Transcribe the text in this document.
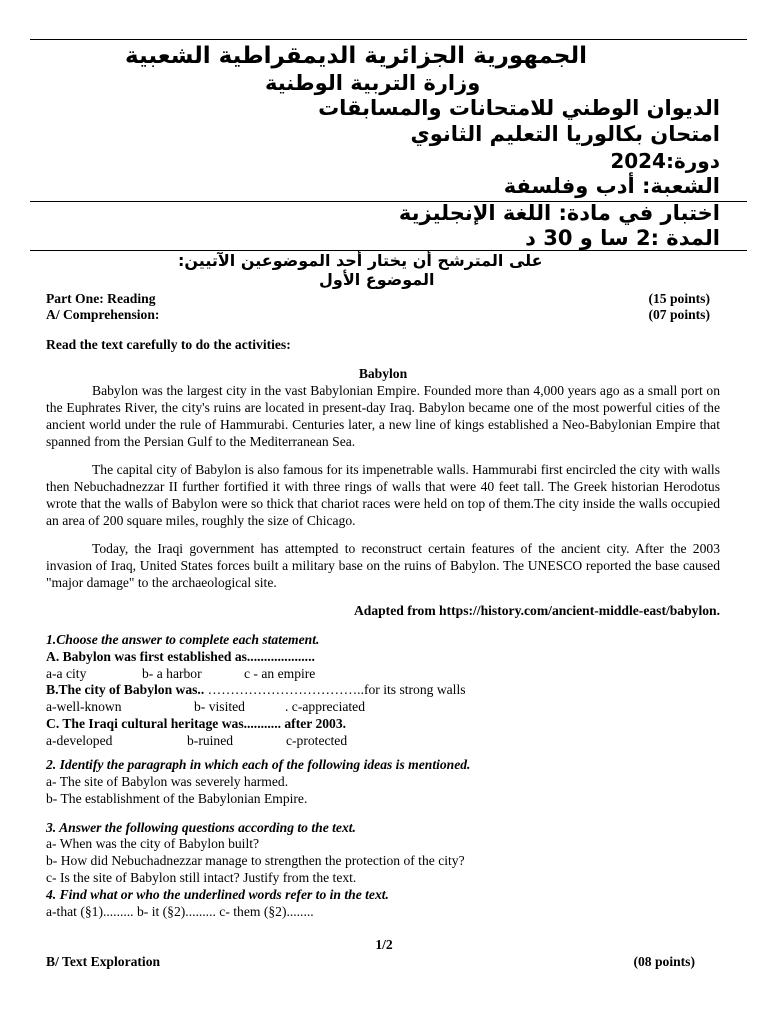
الجمهورية الجزائرية الديمقراطية الشعبية
وزارة التربية الوطنية
الديوان الوطني للامتحانات والمسابقات
امتحان بكالوريا التعليم الثانوي
دورة:2024
الشعبة: أدب وفلسفة
اختبار في مادة: اللغة الإنجليزية
المدة :2 سا و 30 د
على المترشح أن يختار أحد الموضوعين الآتيين:
الموضوع الأول
Part One: Reading	(15 points)
A/ Comprehension:	(07 points)
Read the text carefully to do the activities:
Babylon

Babylon was the largest city in the vast Babylonian Empire. Founded more than 4,000 years ago as a small port on the Euphrates River, the city's ruins are located in present-day Iraq. Babylon became one of the most powerful cities of the ancient world under the rule of Hammurabi. Centuries later, a new line of kings established a Neo-Babylonian Empire that spanned from the Persian Gulf to the Mediterranean Sea.

The capital city of Babylon is also famous for its impenetrable walls. Hammurabi first encircled the city with walls then Nebuchadnezzar II further fortified it with three rings of walls that were 40 feet tall. The Greek historian Herodotus wrote that the walls of Babylon were so thick that chariot races were held on top of them.The city inside the walls occupied an area of 200 square miles, roughly the size of Chicago.

Today, the Iraqi government has attempted to reconstruct certain features of the ancient city. After the 2003 invasion of Iraq, United States forces built a military base on the ruins of Babylon. The UNESCO reported the base caused "major damage" to the archaeological site.

Adapted from https://history.com/ancient-middle-east/babylon.
1.Choose the answer to complete each statement.
A. Babylon was first established as....................
a-a city	b- a harbor	c - an empire
B.The city of Babylon was.. ……………………………..for its strong walls
a-well-known	b- visited	. c-appreciated
C. The Iraqi cultural heritage was........... after 2003.
a-developed	b-ruined	c-protected
2. Identify the paragraph in which each of the following ideas is mentioned.
a- The site of Babylon was severely harmed.
b- The establishment of the Babylonian Empire.
3. Answer the following questions according to the text.
a- When was the city of Babylon built?
b- How did Nebuchadnezzar manage to strengthen the protection of the city?
c- Is the site of Babylon still intact? Justify from the text.
4. Find what or who the underlined words refer to in the text.
a-that (§1)......... b- it (§2)......... c- them (§2)........
1/2
B/ Text Exploration	(08 points)
